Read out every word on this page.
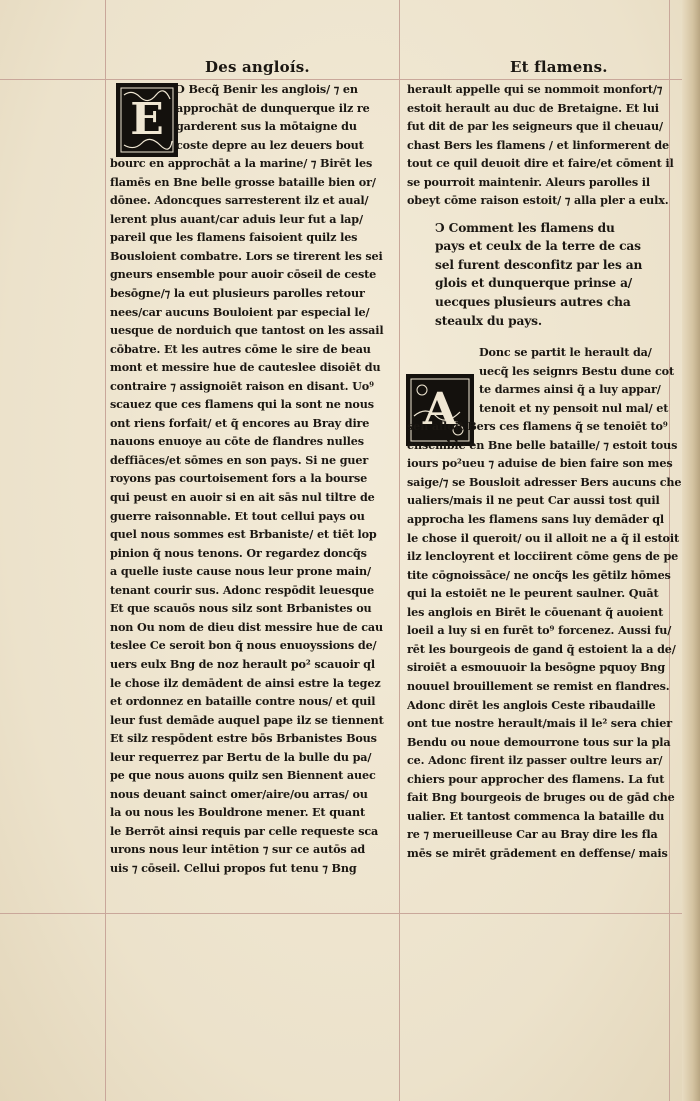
Des angloís.	Et flamens.
E
Ↄ Becq̃ Benir les anglois/ ⁊ en
approchāt de dunquerque ilz re
garderent sus la mōtaigne du
coste depre au lez deuers bout
bourc en approchāt a la marine/ ⁊ Birēt les
flamēs en Bne belle grosse bataille bien or/
dōnee. Adoncques sarresterent ilz et aual/
lerent plus auant/car aduis leur fut a lap/
pareil que les flamens faisoient quilz les
Bousloient combatre. Lors se tirerent les sei
gneurs ensemble pour auoir cōseil de ceste
besōgne/⁊ la eut plusieurs parolles retour
nees/car aucuns Bouloient par especial le/
uesque de norduich que tantost on les assail
cōbatre. Et les autres cōme le sire de beau
mont et messire hue de cauteslee disoiēt du
contraire ⁊ assignoiēt raison en disant. Uo⁹
scauez que ces flamens qui la sont ne nous
ont riens forfait/ et q̃ encores au Bray dire
nauons enuoye au cōte de flandres nulles
deffiāces/et sōmes en son pays. Si ne guer
royons pas courtoisement fors a la bourse
qui peust en auoir si en ait sās nul tiltre de
guerre raisonnable. Et tout cellui pays ou
quel nous sommes est Brbaniste/ et tiēt lop
pinion q̃ nous tenons. Or regardez doncq̃s
a quelle iuste cause nous leur prone main/
tenant courir sus. Adonc respōdit leuesque
Et que scauōs nous silz sont Brbanistes ou
non Ou nom de dieu dist messire hue de cau
teslee Ce seroit bon q̃ nous enuoyssions de/
uers eulx Bng de noz herault po² scauoir ql
le chose ilz demādent de ainsi estre la tegez
et ordonnez en bataille contre nous/ et quil
leur fust demāde auquel pape ilz se tiennent
Et silz respōdent estre bōs Brbanistes Bous
leur requerrez par Bertu de la bulle du pa/
pe que nous auons quilz sen Biennent auec
nous deuant sainct omer/aire/ou arras/ ou
la ou nous les Bouldrone mener. Et quant
le Berrōt ainsi requis par celle requeste sca
urons nous leur intētion ⁊ sur ce autōs ad
uis ⁊ cōseil. Cellui propos fut tenu ⁊ Bng
A
herault appelle qui se nommoit monfort/⁊
estoit herault au duc de Bretaigne. Et lui
fut dit de par les seigneurs que il cheuau/
chast Bers les flamens / et linformerent de
tout ce quil deuoit dire et faire/et cōment il
se pourroit maintenir. Aleurs parolles il
obeyt cōme raison estoit/ ⁊ alla pler a eulx.
Ↄ Comment les flamens du
pays et ceulx de la terre de cas
sel furent desconfitz par les an
glois et dunquerque prinse a/
uecques plusieurs autres cha
steaulx du pays.
Donc se partit le herault da/
uecq̃ les seignrs Bestu dune cot
te darmes ainsi q̃ a luy appar/
tenoit et ny pensoit nul mal/ et
sen alloit Bers ces flamens q̃ se tenoiēt to⁹
ensemble en Bne belle bataille/ ⁊ estoit tous
iours po²ueu ⁊ aduise de bien faire son mes
saige/⁊ se Bousloit adresser Bers aucuns che
ualiers/mais il ne peut Car aussi tost quil
approcha les flamens sans luy demāder ql
le chose il queroit/ ou il alloit ne a q̃ il estoit
ilz lencloyrent et locciirent cōme gens de pe
tite cōgnoissāce/ ne oncq̃s les gētilz hōmes
qui la estoiēt ne le peurent saulner. Quāt
les anglois en Birēt le cōuenant q̃ auoient
loeil a luy si en furēt to⁹ forcenez. Aussi fu/
rēt les bourgeois de gand q̃ estoient la a de/
siroiēt a esmouuoir la besōgne pquoy Bng
nouuel brouillement se remist en flandres.
Adonc dirēt les anglois Ceste ribaudaille
ont tue nostre herault/mais il le² sera chier
Bendu ou noue demourrone tous sur la pla
ce. Adonc firent ilz passer oultre leurs ar/
chiers pour approcher des flamens. La fut
fait Bng bourgeois de bruges ou de gād che
ualier. Et tantost commenca la bataille du
re ⁊ merueilleuse Car au Bray dire les fla
mēs se mirēt grādement en deffense/ mais
